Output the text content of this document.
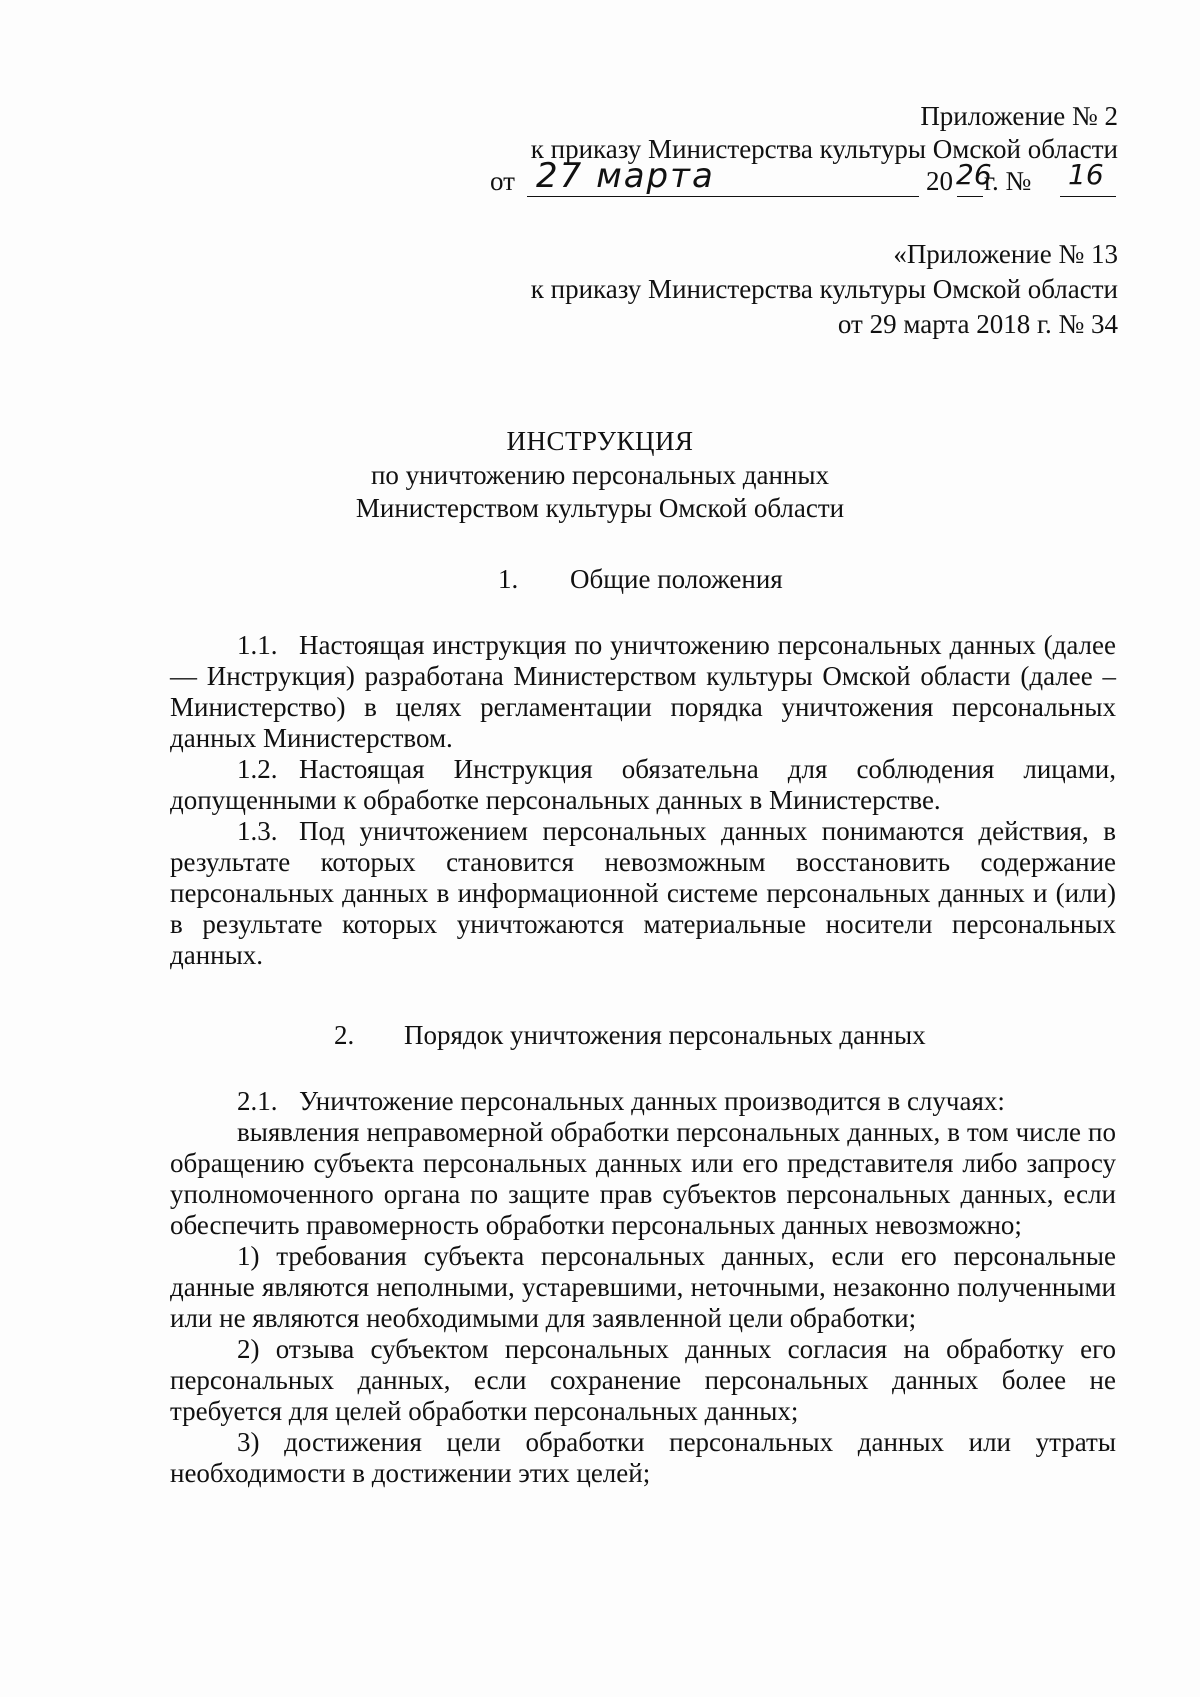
Приложение № 2
к приказу Министерства культуры Омской области
от 27 марта	20 26
г. № 16
«Приложение № 13
к приказу Министерства культуры Омской области
от 29 марта 2018 г. № 34
ИНСТРУКЦИЯ
по уничтожению персональных данных
Министерством культуры Омской области
1. Общие положения

1.1. Настоящая инструкция по уничтожению персональных данных (далее — Инструкция) разработана Министерством культуры Омской области (далее – Министерство) в целях регламентации порядка уничтожения персональных данных Министерством.

1.2. Настоящая Инструкция обязательна для соблюдения лицами, допущенными к обработке персональных данных в Министерстве.

1.3. Под уничтожением персональных данных понимаются действия, в результате которых становится невозможным восстановить содержание персональных данных в информационной системе персональных данных и (или) в результате которых уничтожаются материальные носители персональных данных.

2. Порядок уничтожения персональных данных

2.1. Уничтожение персональных данных производится в случаях:

выявления неправомерной обработки персональных данных, в том числе по обращению субъекта персональных данных или его представителя либо запросу уполномоченного органа по защите прав субъектов персональных данных, если обеспечить правомерность обработки персональных данных невозможно;

1) требования субъекта персональных данных, если его персональные данные являются неполными, устаревшими, неточными, незаконно полученными или не являются необходимыми для заявленной цели обработки;

2) отзыва субъектом персональных данных согласия на обработку его персональных данных, если сохранение персональных данных более не требуется для целей обработки персональных данных;

3) достижения цели обработки персональных данных или утраты необходимости в достижении этих целей;
